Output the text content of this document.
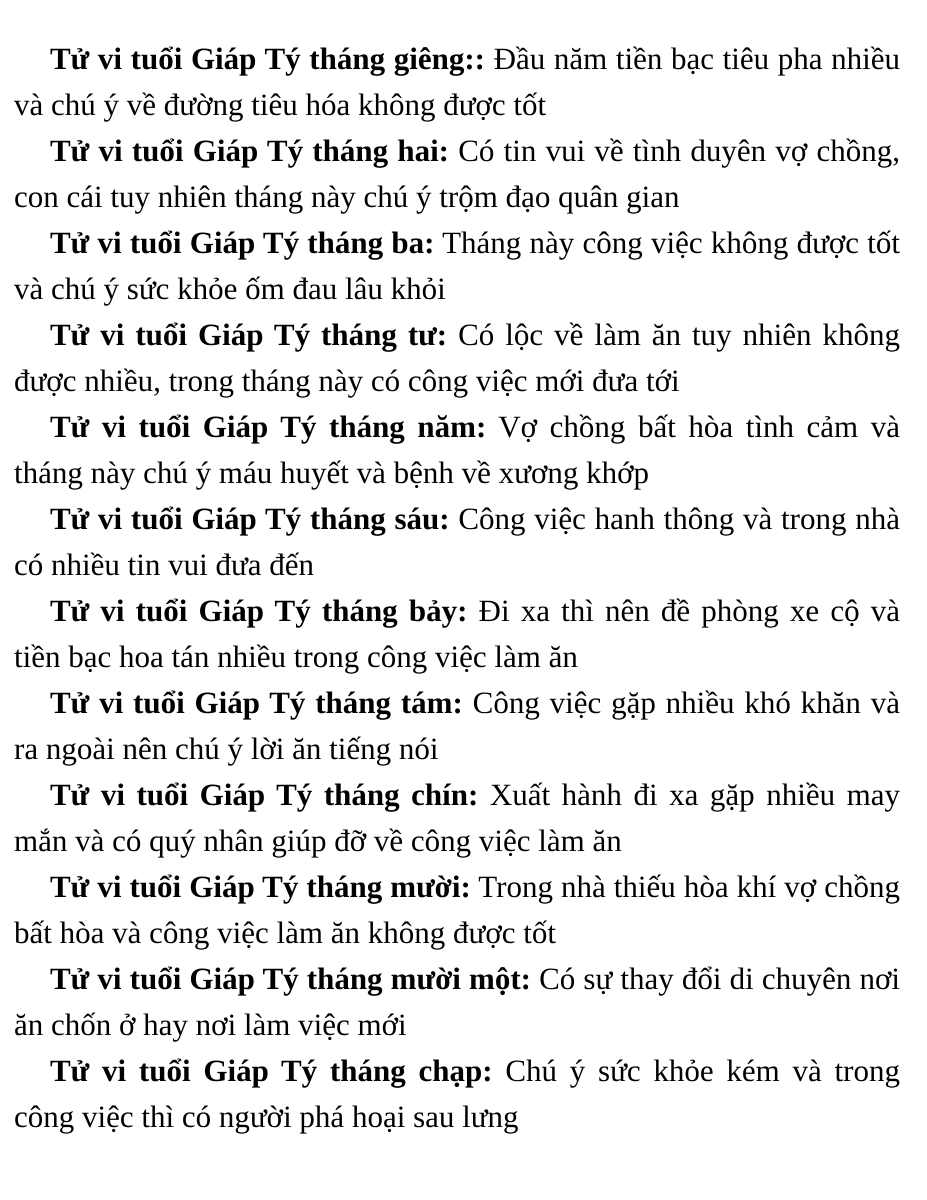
Tử vi tuổi Giáp Tý tháng giêng:: Đầu năm tiền bạc tiêu pha nhiều và chú ý về đường tiêu hóa không được tốt

Tử vi tuổi Giáp Tý tháng hai: Có tin vui về tình duyên vợ chồng, con cái tuy nhiên tháng này chú ý trộm đạo quân gian

Tử vi tuổi Giáp Tý tháng ba: Tháng này công việc không được tốt và chú ý sức khỏe ốm đau lâu khỏi

Tử vi tuổi Giáp Tý tháng tư: Có lộc về làm ăn tuy nhiên không được nhiều, trong tháng này có công việc mới đưa tới

Tử vi tuổi Giáp Tý tháng năm: Vợ chồng bất hòa tình cảm và tháng này chú ý máu huyết và bệnh về xương khớp

Tử vi tuổi Giáp Tý tháng sáu: Công việc hanh thông và trong nhà có nhiều tin vui đưa đến

Tử vi tuổi Giáp Tý tháng bảy: Đi xa thì nên đề phòng xe cộ và tiền bạc hoa tán nhiều trong công việc làm ăn

Tử vi tuổi Giáp Tý tháng tám: Công việc gặp nhiều khó khăn và ra ngoài nên chú ý lời ăn tiếng nói

Tử vi tuổi Giáp Tý tháng chín: Xuất hành đi xa gặp nhiều may mắn và có quý nhân giúp đỡ về công việc làm ăn

Tử vi tuổi Giáp Tý tháng mười: Trong nhà thiếu hòa khí vợ chồng bất hòa và công việc làm ăn không được tốt

Tử vi tuổi Giáp Tý tháng mười một: Có sự thay đổi di chuyên nơi ăn chốn ở hay nơi làm việc mới

Tử vi tuổi Giáp Tý tháng chạp: Chú ý sức khỏe kém và trong công việc thì có người phá hoại sau lưng
